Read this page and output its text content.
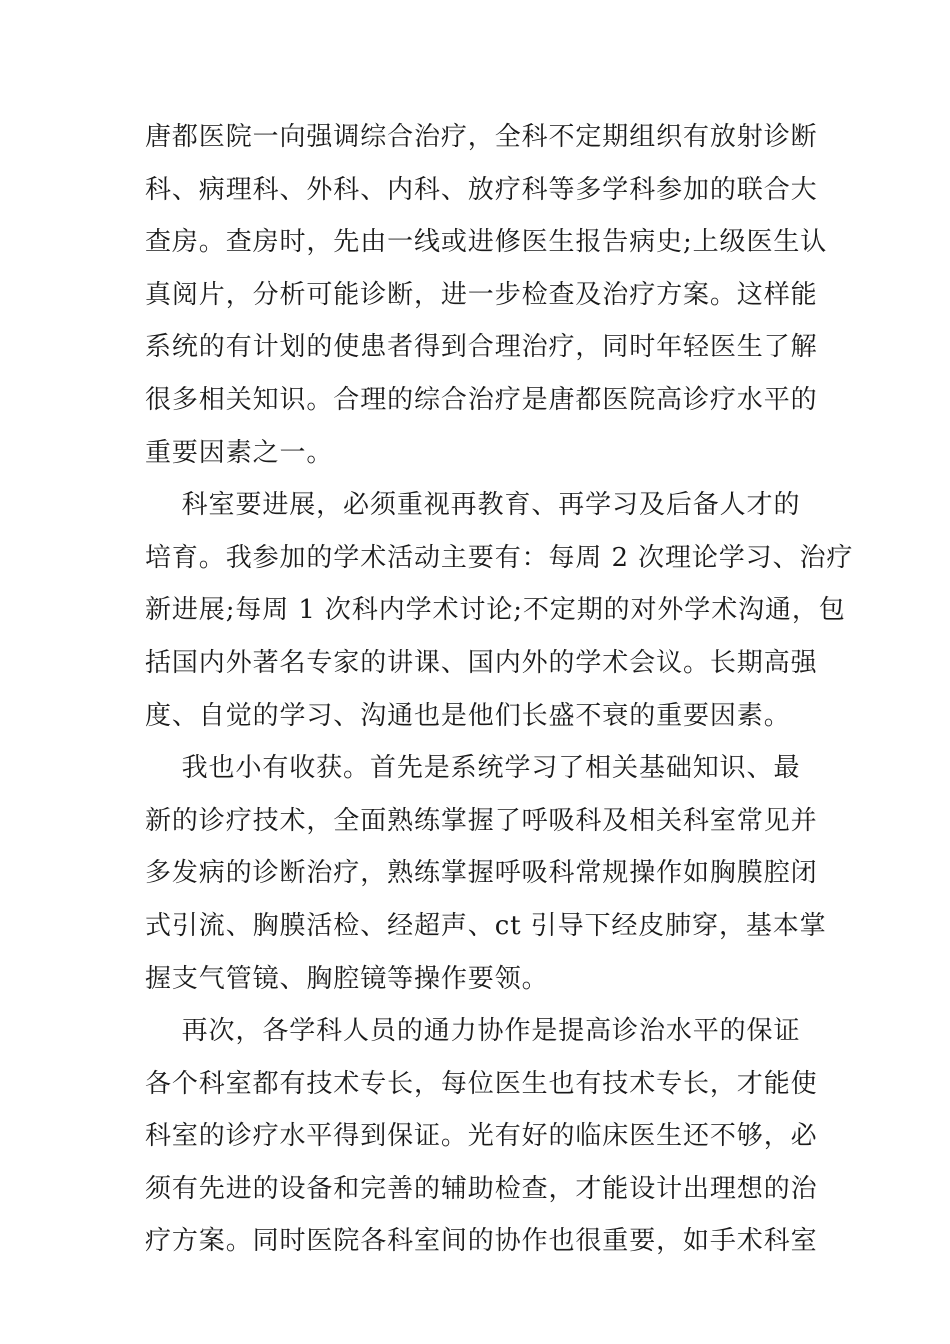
唐都医院一向强调综合治疗，全科不定期组织有放射诊断
科、病理科、外科、内科、放疗科等多学科参加的联合大
查房。查房时，先由一线或进修医生报告病史;上级医生认
真阅片，分析可能诊断，进一步检查及治疗方案。这样能
系统的有计划的使患者得到合理治疗，同时年轻医生了解
很多相关知识。合理的综合治疗是唐都医院高诊疗水平的
重要因素之一。
科室要进展，必须重视再教育、再学习及后备人才的
培育。我参加的学术活动主要有：每周 2 次理论学习、治疗
新进展;每周 1 次科内学术讨论;不定期的对外学术沟通，包
括国内外著名专家的讲课、国内外的学术会议。长期高强
度、自觉的学习、沟通也是他们长盛不衰的重要因素。
我也小有收获。首先是系统学习了相关基础知识、最
新的诊疗技术，全面熟练掌握了呼吸科及相关科室常见并
多发病的诊断治疗，熟练掌握呼吸科常规操作如胸膜腔闭
式引流、胸膜活检、经超声、ct 引导下经皮肺穿，基本掌
握支气管镜、胸腔镜等操作要领。
再次，各学科人员的通力协作是提高诊治水平的保证
各个科室都有技术专长，每位医生也有技术专长，才能使
科室的诊疗水平得到保证。光有好的临床医生还不够，必
须有先进的设备和完善的辅助检查，才能设计出理想的治
疗方案。同时医院各科室间的协作也很重要，如手术科室
